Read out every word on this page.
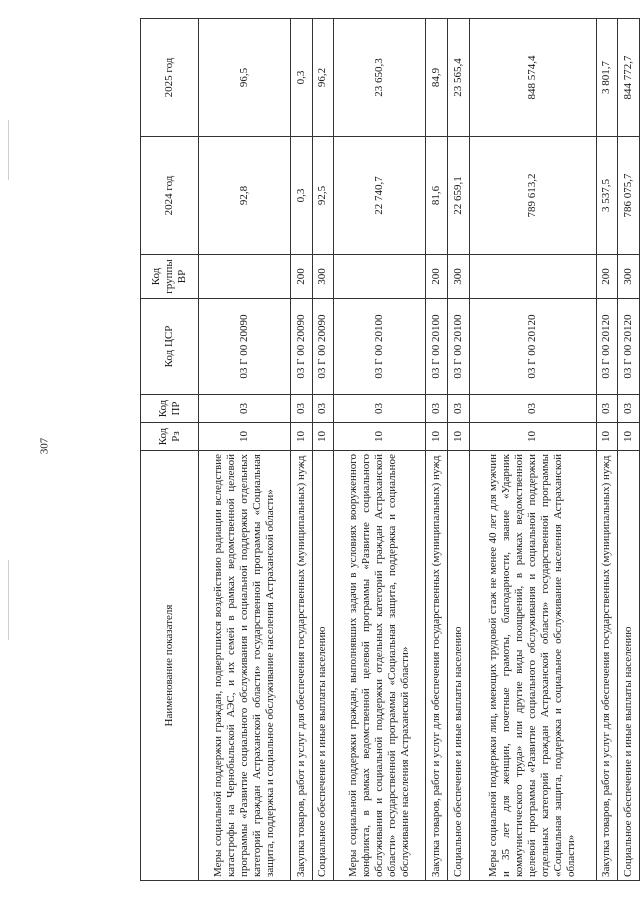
307
Наименование показателя	Код Рз	Код ПР	Код ЦСР	Код группы ВР	2024 год	2025 год
Меры социальной поддержки граждан, подвергшихся воздействию радиации вследствие катастрофы на Чернобыльской АЭС, и их семей в рамках ведомственной целевой программы «Развитие социального обслуживания и социальной поддержки отдельных категорий граждан Астраханской области» государственной программы «Социальная защита, поддержка и социальное обслуживание населения Астраханской области»	10	03	03 Г 00 20090		92,8	96,5
Закупка товаров, работ и услуг для обеспечения государственных (муниципальных) нужд	10	03	03 Г 00 20090	200	0,3	0,3
Социальное обеспечение и иные выплаты населению	10	03	03 Г 00 20090	300	92,5	96,2
Меры социальной поддержки граждан, выполнявших задачи в условиях вооруженного конфликта, в рамках ведомственной целевой программы «Развитие социального обслуживания и социальной поддержки отдельных категорий граждан Астраханской области» государственной программы «Социальная защита, поддержка и социальное обслуживание населения Астраханской области»	10	03	03 Г 00 20100		22 740,7	23 650,3
Закупка товаров, работ и услуг для обеспечения государственных (муниципальных) нужд	10	03	03 Г 00 20100	200	81,6	84,9
Социальное обеспечение и иные выплаты населению	10	03	03 Г 00 20100	300	22 659,1	23 565,4
Меры социальной поддержки лиц, имеющих трудовой стаж не менее 40 лет для мужчин и 35 лет для женщин, почетные грамоты, благодарности, звание «Ударник коммунистического труда» или другие виды поощрений, в рамках ведомственной целевой программы «Развитие социального обслуживания и социальной поддержки отдельных категорий граждан Астраханской области» государственной программы «Социальная защита, поддержка и социальное обслуживание населения Астраханской области»	10	03	03 Г 00 20120		789 613,2	848 574,4
Закупка товаров, работ и услуг для обеспечения государственных (муниципальных) нужд	10	03	03 Г 00 20120	200	3 537,5	3 801,7
Социальное обеспечение и иные выплаты населению	10	03	03 Г 00 20120	300	786 075,7	844 772,7
